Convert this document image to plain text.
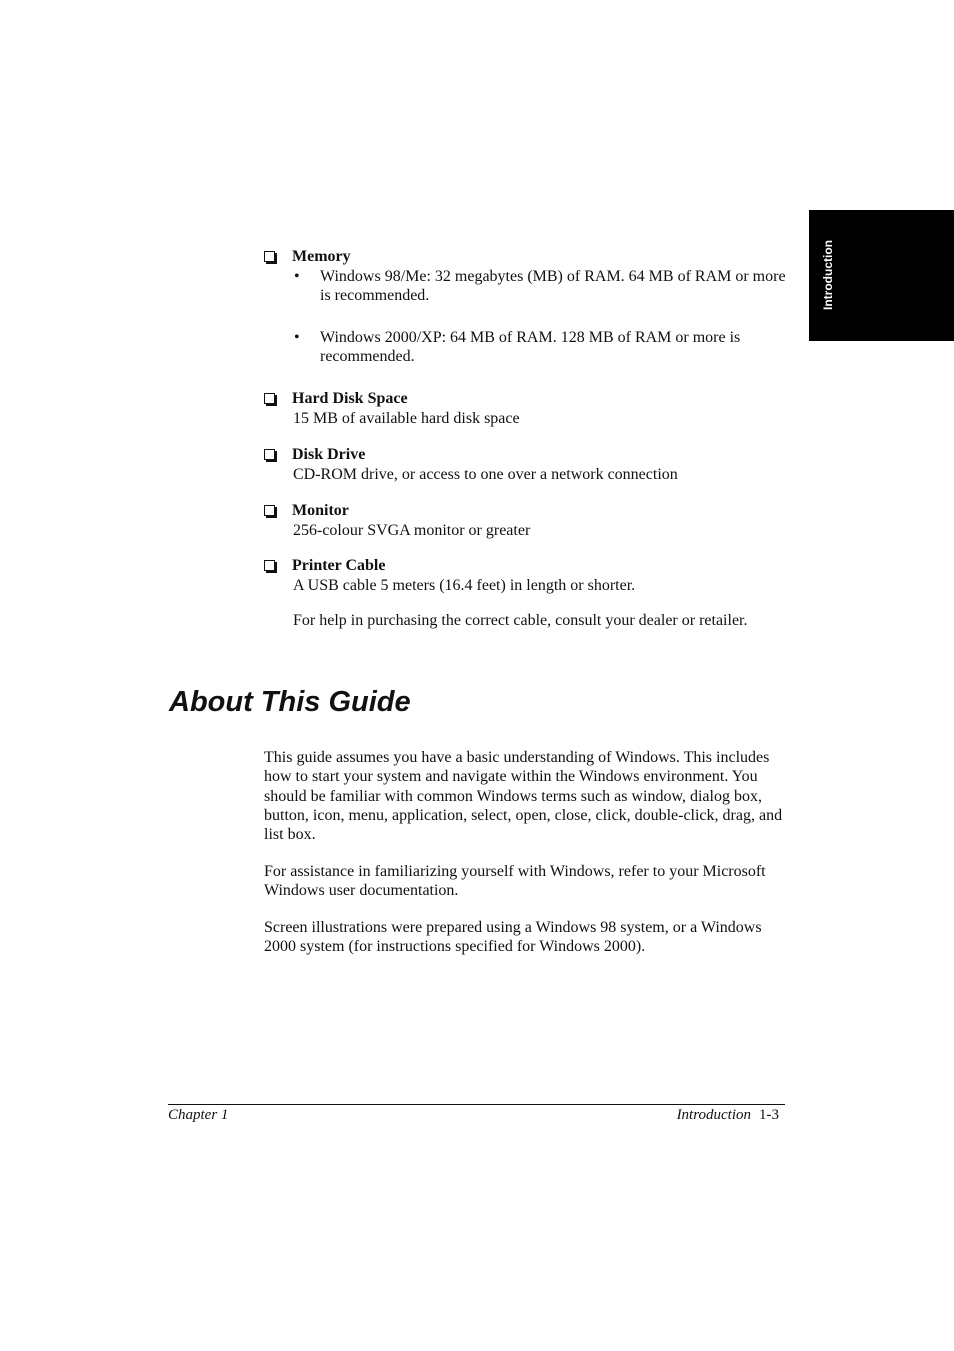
Introduction
Memory
• Windows 98/Me: 32 megabytes (MB) of RAM. 64 MB of RAM or more is recommended.
• Windows 2000/XP: 64 MB of RAM. 128 MB of RAM or more is recommended.
Hard Disk Space
15 MB of available hard disk space
Disk Drive
CD-ROM drive, or access to one over a network connection
Monitor
256-colour SVGA monitor or greater
Printer Cable
A USB cable 5 meters (16.4 feet) in length or shorter.
For help in purchasing the correct cable, consult your dealer or retailer.
About This Guide

This guide assumes you have a basic understanding of Windows. This includes how to start your system and navigate within the Windows environment. You should be familiar with common Windows terms such as window, dialog box, button, icon, menu, application, select, open, close, click, double-click, drag, and list box.

For assistance in familiarizing yourself with Windows, refer to your Microsoft Windows user documentation.

Screen illustrations were prepared using a Windows 98 system, or a Windows 2000 system (for instructions specified for Windows 2000).

Chapter 1	Introduction 1-3
